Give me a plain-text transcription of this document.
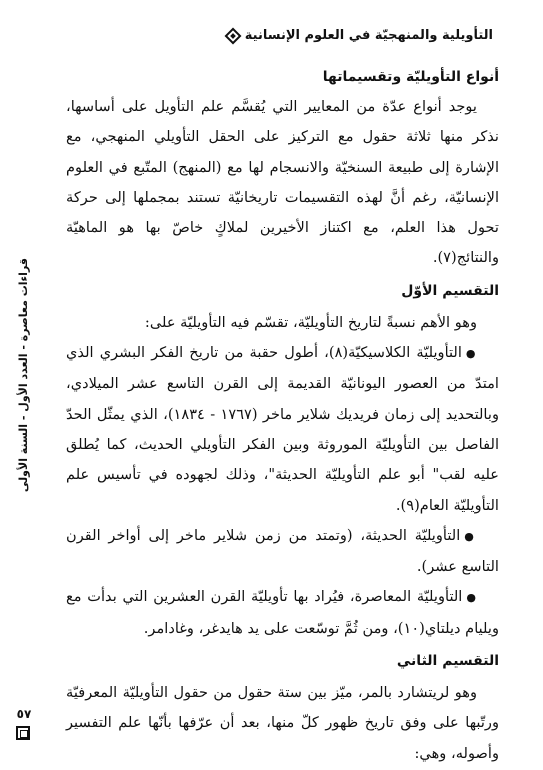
التأويلية والمنهجيّة في العلوم الإنسانية
أنواع التأويليّة وتقسيماتها

يوجد أنواع عدّة من المعايير التي يُقسَّم علم التأويل على أساسها، نذكر منها ثلاثة حقول مع التركيز على الحقل التأويلي المنهجي، مع الإشارة إلى طبيعة السنخيّة والانسجام لها مع (المنهج) المتّبع في العلوم الإنسانيّة، رغم أنَّ لهذه التقسيمات تاريخانيّة تستند بمجملها إلى حركة تحول هذا العلم، مع اكتناز الأخيرين لملاكٍ خاصّ بها هو الماهيّة والنتائج(٧).

التقسيم الأوّل

وهو الأهم نسبةً لتاريخ التأويليّة، تقسّم فيه التأويليّة على:

●التأويليّة الكلاسيكيّة(٨)، أطول حقبة من تاريخ الفكر البشري الذي امتدّ من العصور اليونانيّة القديمة إلى القرن التاسع عشر الميلادي، وبالتحديد إلى زمان فريديك شلاير ماخر (١٧٦٧ - ١٨٣٤)، الذي يمثّل الحدّ الفاصل بين التأويليّة الموروثة وبين الفكر التأويلي الحديث، كما يُطلق عليه لقب" أبو علم التأويليّة الحديثة"، وذلك لجهوده في تأسيس علم التأويليّة العام(٩).

●التأويليّة الحديثة، (وتمتد من زمن شلاير ماخر إلى أواخر القرن التاسع عشر).

●التأويليّة المعاصرة، فيُراد بها تأويليّة القرن العشرين التي بدأت مع ويليام ديلتاي(١٠)، ومن ثُمَّ توسّعت على يد هايدغر، وغادامر.

التقسيم الثاني

وهو لريتشارد بالمر، ميّز بين ستة حقول من حقول التأويليّة المعرفيّة ورتّبها على وفق تاريخ ظهور كلّ منها، بعد أن عرّفها بأنّها علم التفسير وأصوله، وهي:

قراءات معاصرة - العدد الأول - السنة الأولى
٥٧
